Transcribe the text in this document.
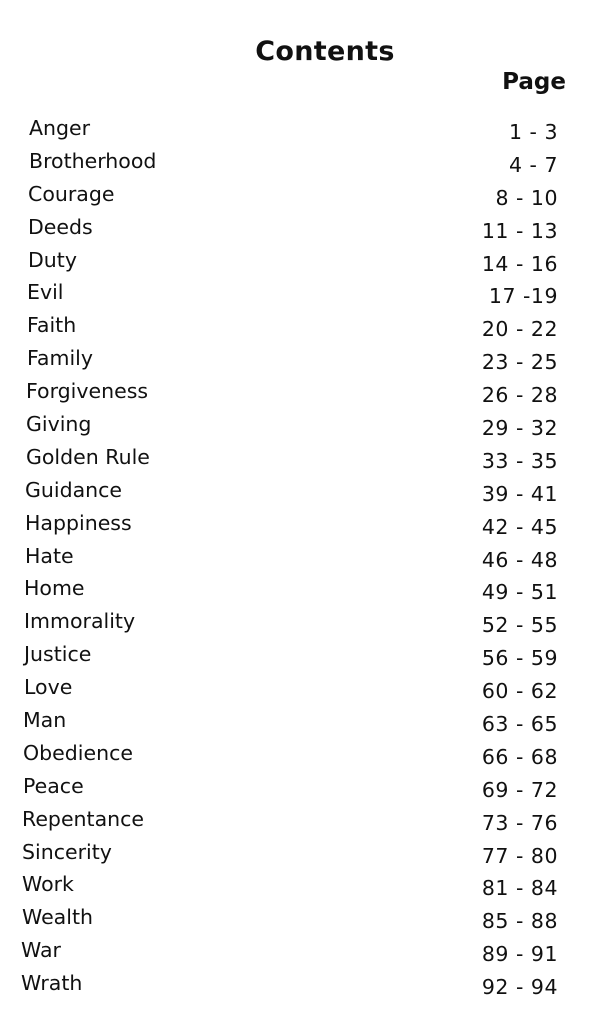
Contents
Page
Anger	1 - 3
Brotherhood	4 - 7
Courage	8 - 10
Deeds	11 - 13
Duty	14 - 16
Evil	17 -19
Faith	20 - 22
Family	23 - 25
Forgiveness	26 - 28
Giving	29 - 32
Golden Rule	33 - 35
Guidance	39 - 41
Happiness	42 - 45
Hate	46 - 48
Home	49 - 51
Immorality	52 - 55
Justice	56 - 59
Love	60 - 62
Man	63 - 65
Obedience	66 - 68
Peace	69 - 72
Repentance	73 - 76
Sincerity	77 - 80
Work	81 - 84
Wealth	85 - 88
War	89 - 91
Wrath	92 - 94
